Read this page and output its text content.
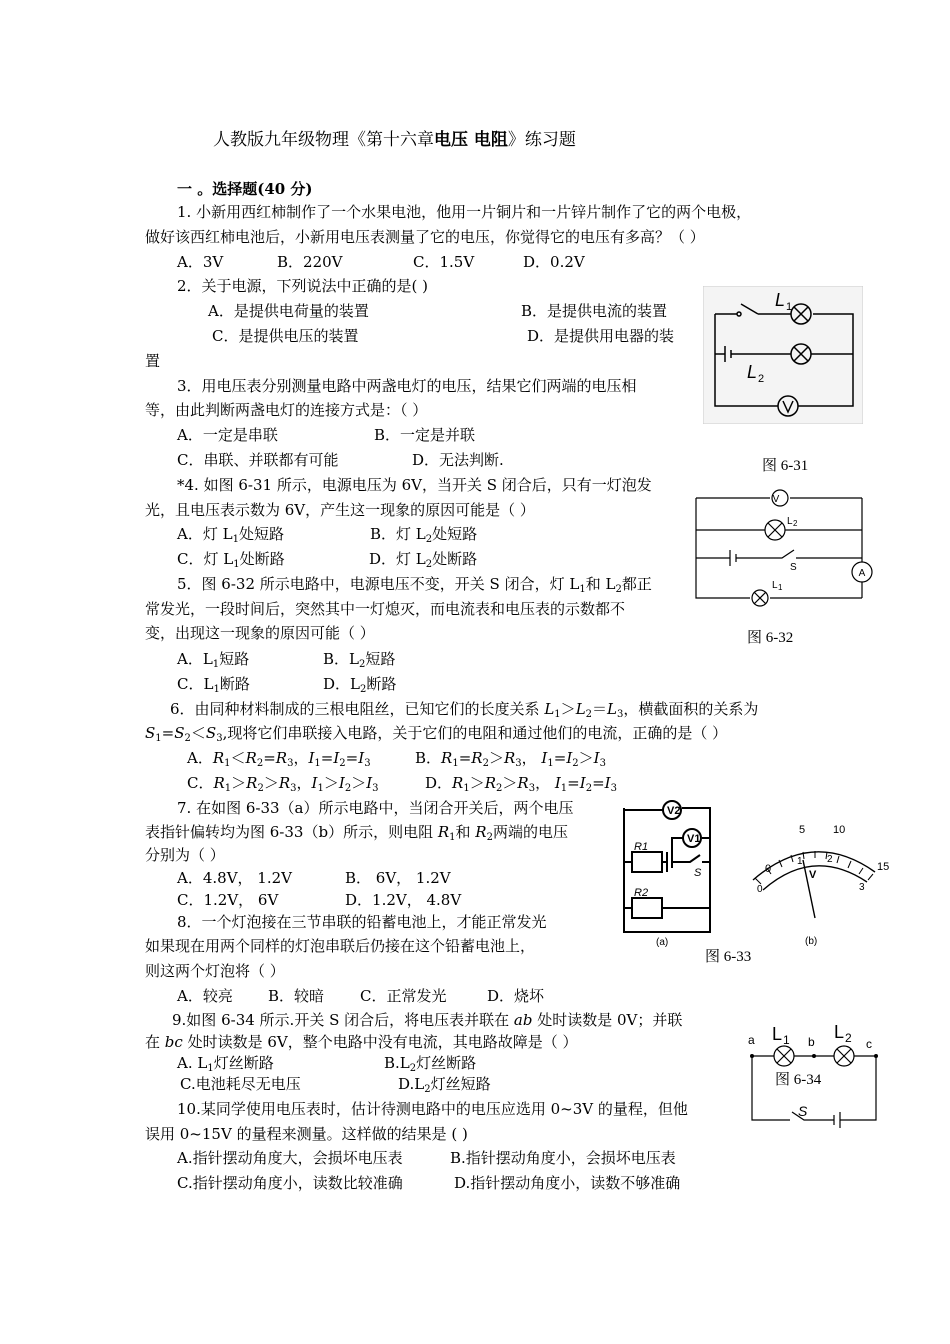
人教版九年级物理《第十六章电压 电阻》练习题
一 。选择题(40 分)
1. 小新用西红柿制作了一个水果电池，他用一片铜片和一片锌片制作了它的两个电极，
做好该西红柿电池后，小新用电压表测量了它的电压，你觉得它的电压有多高？（ ）
A．3V	B．220V	C．1.5V	D．0.2V
2．关于电源，下列说法中正确的是( )
A．是提供电荷量的装置	B．是提供电流的装置
C．是提供电压的装置	D．是提供用电器的装
置
3．用电压表分别测量电路中两盏电灯的电压，结果它们两端的电压相
等，由此判断两盏电灯的连接方式是：（ ）
A．一定是串联	B．一定是并联
C．串联、并联都有可能	D．无法判断.
*4. 如图 6-31 所示，电源电压为 6V，当开关 S 闭合后，只有一灯泡发
光，且电压表示数为 6V，产生这一现象的原因可能是（ ）
A．灯 $L_1$处短路	B．灯 $L_2$处短路
C．灯 $L_1$处断路	D．灯 $L_2$处断路
5．图 6-32 所示电路中，电源电压不变，开关 S 闭合，灯 $L_1$和 $L_2$都正
常发光，一段时间后，突然其中一灯熄灭，而电流表和电压表的示数都不
变，出现这一现象的原因可能（ ）
A．$L_1$短路	B．$L_2$短路
C．$L_1$断路	D．$L_2$断路
6．由同种材料制成的三根电阻丝，已知它们的长度关系 $L_1>L_2=L_3$，横截面积的关系为
$S_1=S_2<S_3$,现将它们串联接入电路，关于它们的电阻和通过他们的电流，正确的是（ ）
A．$R_1<R_2=R_3$，$I_1=I_2=I_3$	B．$R_1=R_2>R_3$， $I_1=I_2>I_3$
C．$R_1>R_2>R_3$，$I_1>I_2>I_3$	D．$R_1>R_2>R_3$， $I_1=I_2=I_3$
7. 在如图 6-33（a）所示电路中，当闭合开关后，两个电压
表指针偏转均为图 6-33（b）所示，则电阻 $R_1$和 $R_2$两端的电压
分别为（ ）
A．4.8V， 1.2V	B． 6V， 1.2V
C．1.2V， 6V	D．1.2V， 4.8V
8．一个灯泡接在三节串联的铅蓄电池上，才能正常发光
如果现在用两个同样的灯泡串联后仍接在这个铅蓄电池上，
则这两个灯泡将（ ）
A．较亮 B．较暗 C．正常发光	D．烧坏
9.如图 6-34 所示.开关 S 闭合后，将电压表并联在 ab 处时读数是 0V；并联
在 bc 处时读数是 6V，整个电路中没有电流，其电路故障是（ ）
A. $L_1$灯丝断路	$B.L_2$灯丝断路
C.电池耗尽无电压	$D.L_2$灯丝短路
10.某同学使用电压表时，估计待测电路中的电压应选用 0~3V 的量程，但他
误用 0~15V 的量程来测量。这样做的结果是 ( )
A.指针摆动角度大，会损坏电压表	B.指针摆动角度小，会损坏电压表
C.指针摆动角度小，读数比较准确	D.指针摆动角度小，读数不够准确
L 1
L 2
图 6-31
V
A
L 2
S
L 1
图 6-32
V2
V1
R1
R2
S
(a)
0
5	10
15
0
1 2
3
V
(b)
图 6-33
a	b	c
L 1 L 2
S
图 6-34
